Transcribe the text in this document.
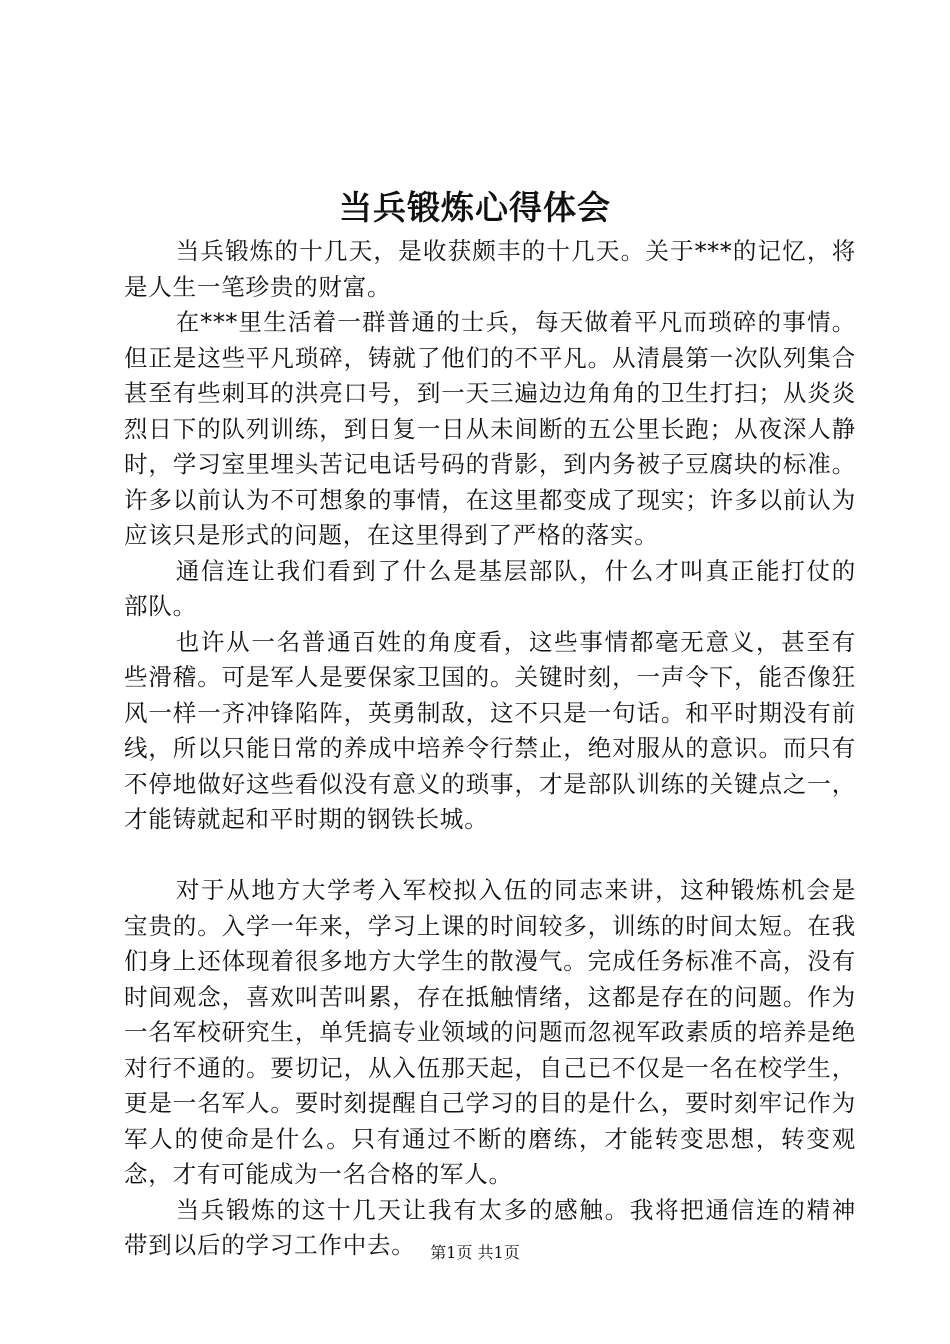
当兵锻炼心得体会

当兵锻炼的十几天，是收获颇丰的十几天。关于***的记忆，将是人生一笔珍贵的财富。

在***里生活着一群普通的士兵，每天做着平凡而琐碎的事情。但正是这些平凡琐碎，铸就了他们的不平凡。从清晨第一次队列集合甚至有些刺耳的洪亮口号，到一天三遍边边角角的卫生打扫；从炎炎烈日下的队列训练，到日复一日从未间断的五公里长跑；从夜深人静时，学习室里埋头苦记电话号码的背影，到内务被子豆腐块的标准。许多以前认为不可想象的事情，在这里都变成了现实；许多以前认为应该只是形式的问题，在这里得到了严格的落实。

通信连让我们看到了什么是基层部队，什么才叫真正能打仗的部队。

也许从一名普通百姓的角度看，这些事情都毫无意义，甚至有些滑稽。可是军人是要保家卫国的。关键时刻，一声令下，能否像狂风一样一齐冲锋陷阵，英勇制敌，这不只是一句话。和平时期没有前线，所以只能日常的养成中培养令行禁止，绝对服从的意识。而只有不停地做好这些看似没有意义的琐事，才是部队训练的关键点之一，才能铸就起和平时期的钢铁长城。

对于从地方大学考入军校拟入伍的同志来讲，这种锻炼机会是宝贵的。入学一年来，学习上课的时间较多，训练的时间太短。在我们身上还体现着很多地方大学生的散漫气。完成任务标准不高，没有时间观念，喜欢叫苦叫累，存在抵触情绪，这都是存在的问题。作为一名军校研究生，单凭搞专业领域的问题而忽视军政素质的培养是绝对行不通的。要切记，从入伍那天起，自己已不仅是一名在校学生，更是一名军人。要时刻提醒自己学习的目的是什么，要时刻牢记作为军人的使命是什么。只有通过不断的磨练，才能转变思想，转变观念，才有可能成为一名合格的军人。

当兵锻炼的这十几天让我有太多的感触。我将把通信连的精神带到以后的学习工作中去。 第1页 共1页
